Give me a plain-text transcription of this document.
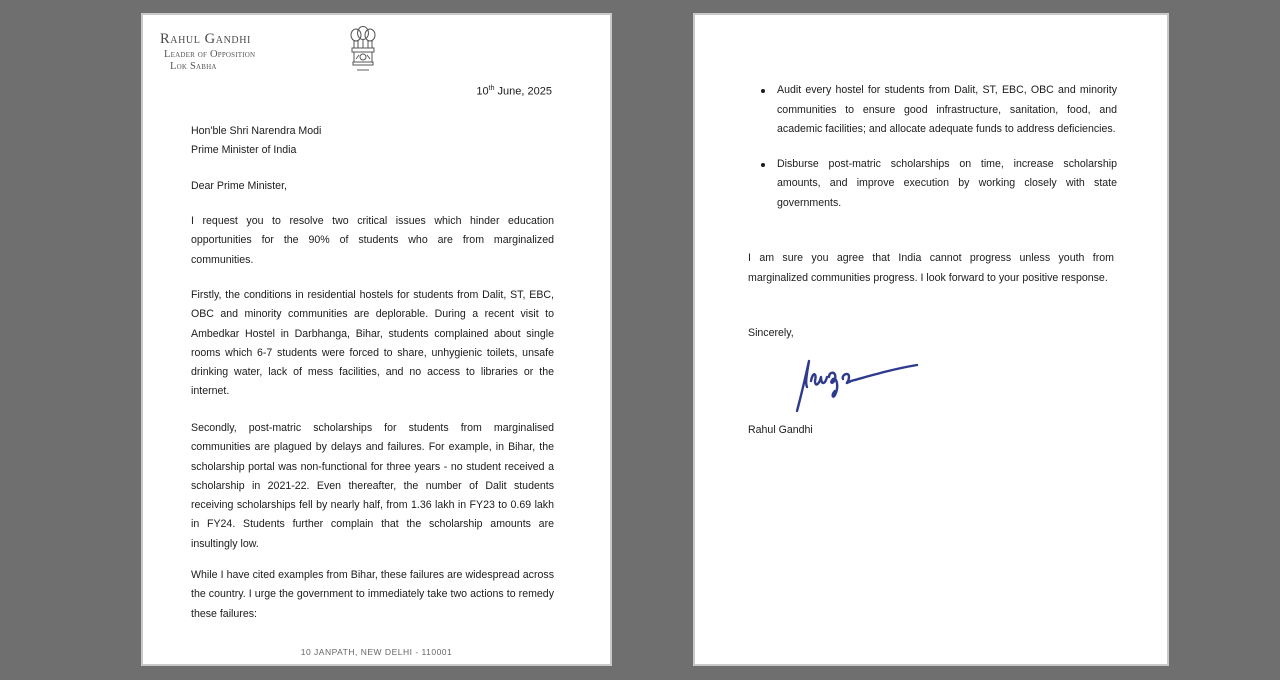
Rahul Gandhi
Leader of Opposition
Lok Sabha
10th June, 2025

Hon'ble Shri Narendra Modi

Prime Minister of India

Dear Prime Minister,

I request you to resolve two critical issues which hinder education opportunities for the 90% of students who are from marginalized communities.

Firstly, the conditions in residential hostels for students from Dalit, ST, EBC, OBC and minority communities are deplorable. During a recent visit to Ambedkar Hostel in Darbhanga, Bihar, students complained about single rooms which 6-7 students were forced to share, unhygienic toilets, unsafe drinking water, lack of mess facilities, and no access to libraries or the internet.

Secondly, post-matric scholarships for students from marginalised communities are plagued by delays and failures. For example, in Bihar, the scholarship portal was non-functional for three years - no student received a scholarship in 2021-22. Even thereafter, the number of Dalit students receiving scholarships fell by nearly half, from 1.36 lakh in FY23 to 0.69 lakh in FY24. Students further complain that the scholarship amounts are insultingly low.

While I have cited examples from Bihar, these failures are widespread across the country. I urge the government to immediately take two actions to remedy these failures:

10 JANPATH, NEW DELHI - 110001
Audit every hostel for students from Dalit, ST, EBC, OBC and minority communities to ensure good infrastructure, sanitation, food, and academic facilities; and allocate adequate funds to address deficiencies.
Disburse post-matric scholarships on time, increase scholarship amounts, and improve execution by working closely with state governments.

I am sure you agree that India cannot progress unless youth from marginalized communities progress. I look forward to your positive response.

Sincerely,

Rahul Gandhi
